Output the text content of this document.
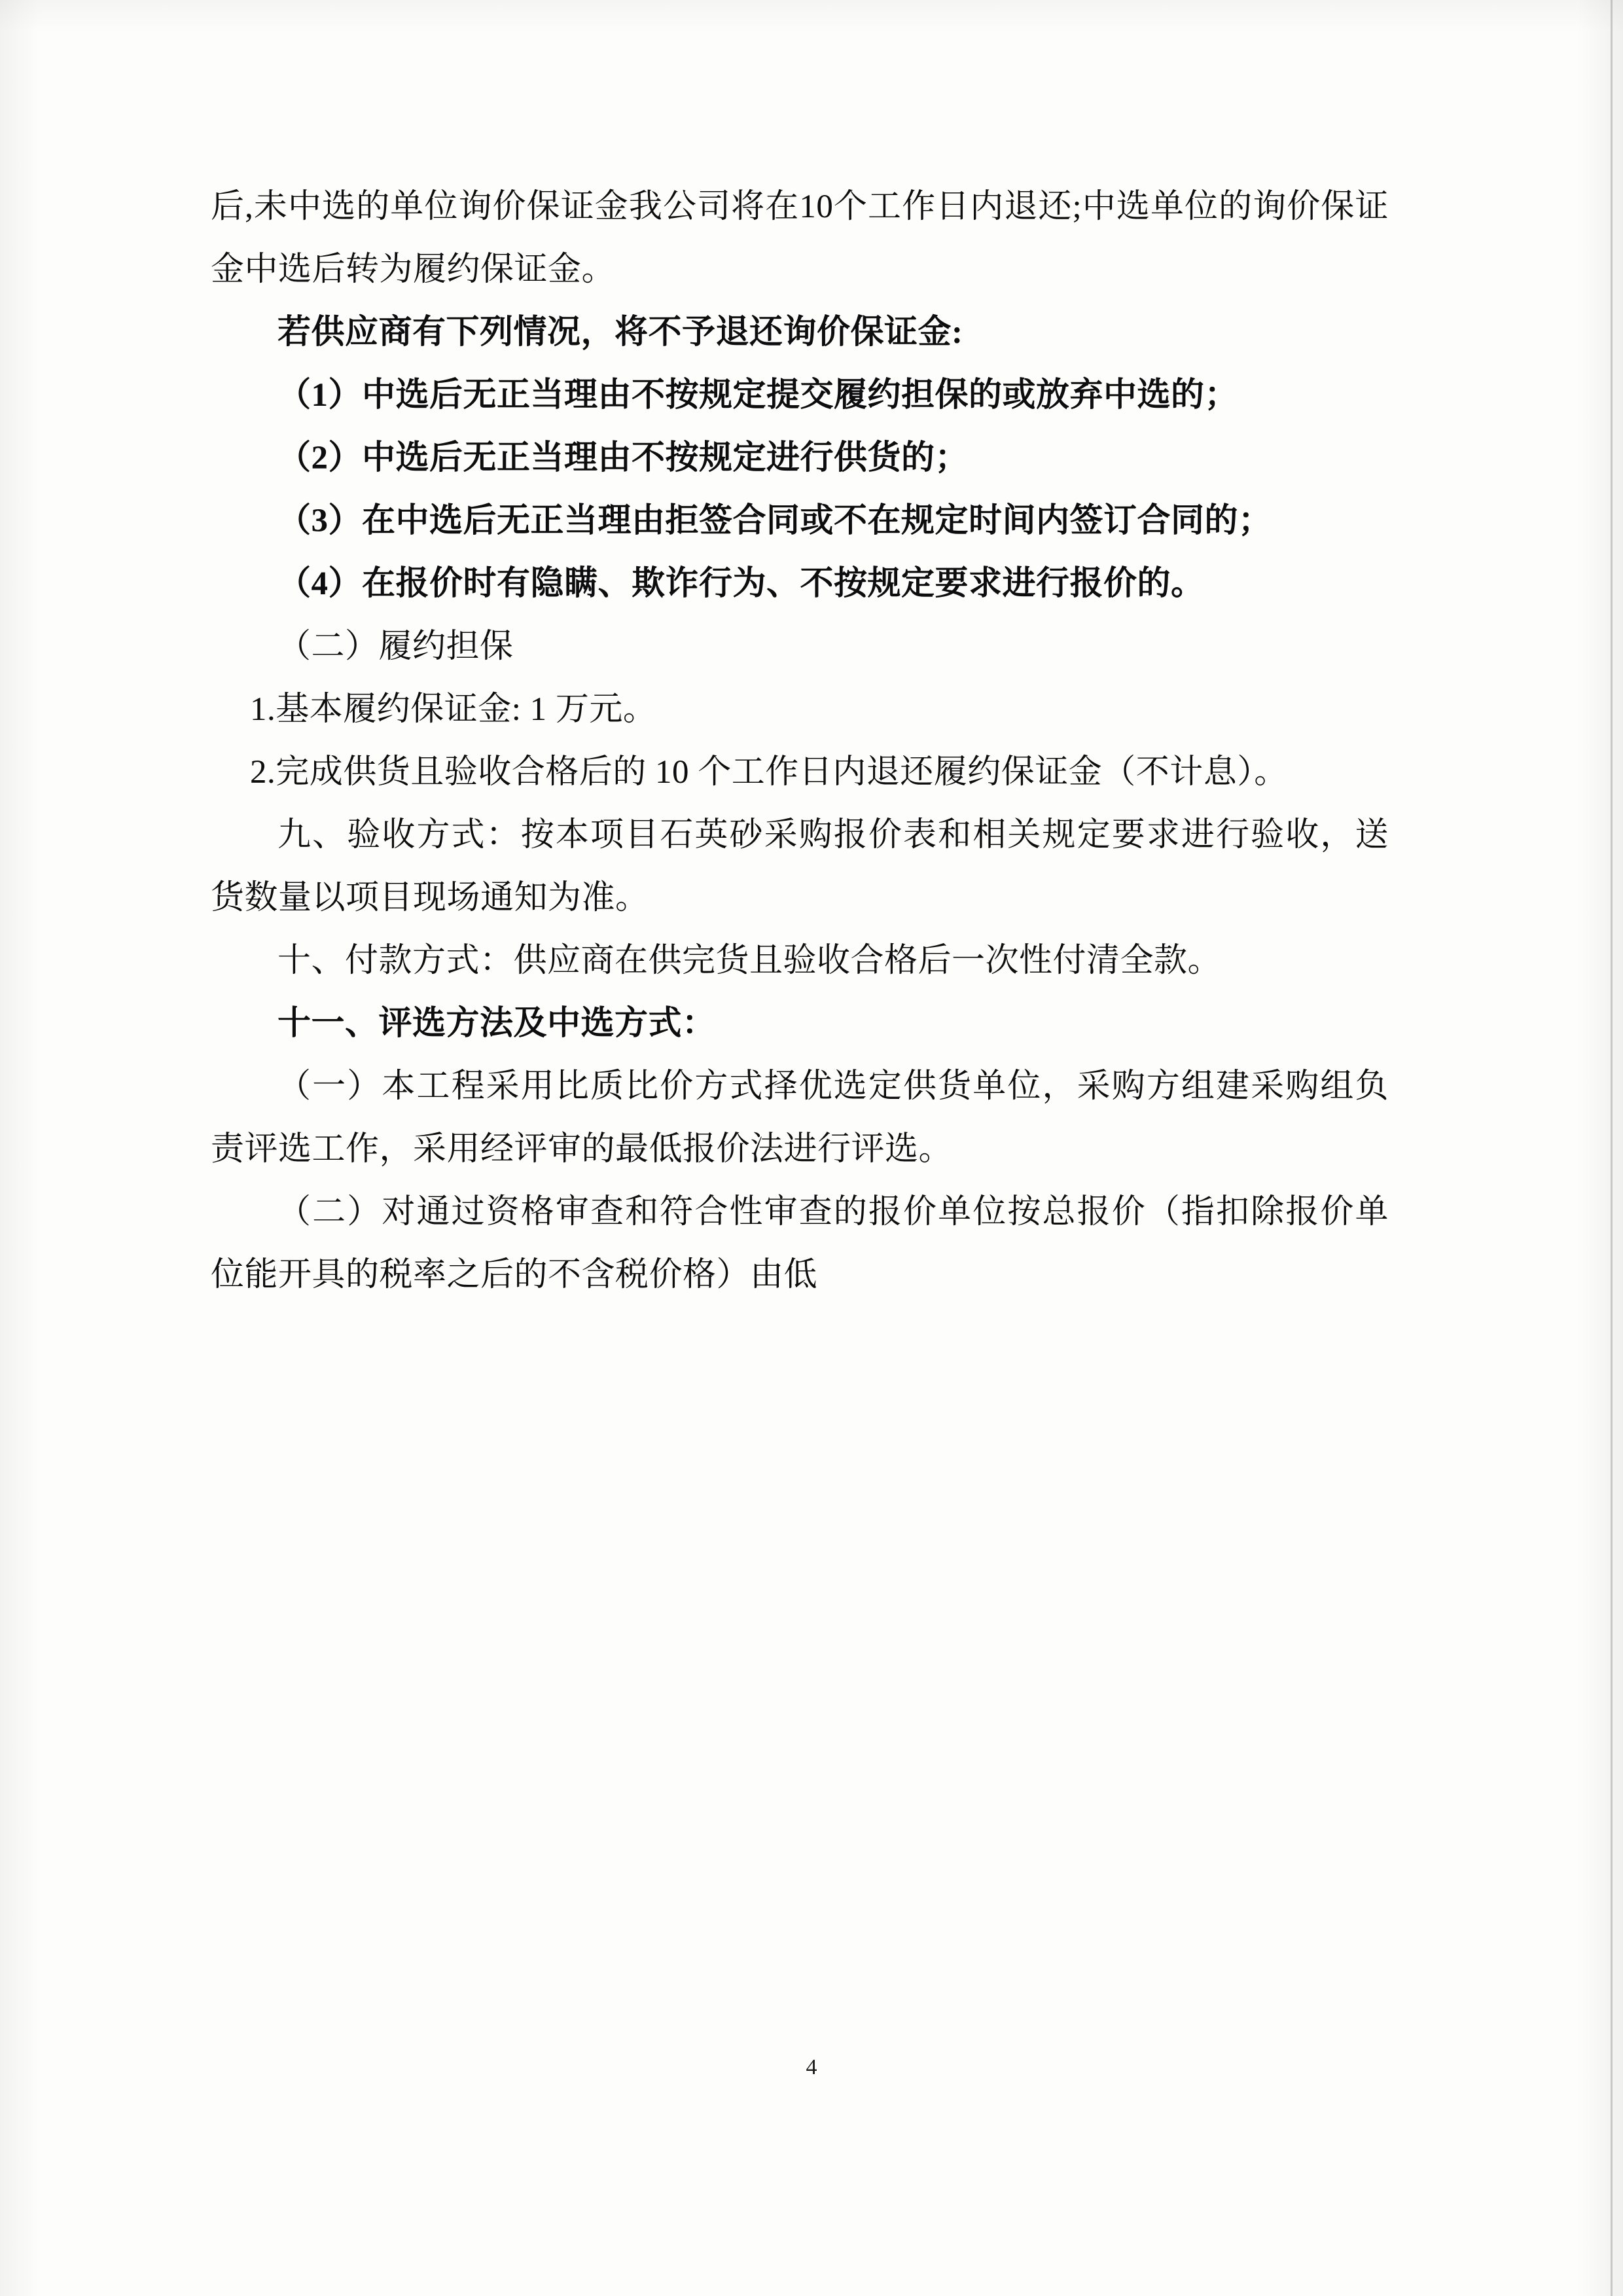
后,未中选的单位询价保证金我公司将在10个工作日内退还;中选单位的询价保证金中选后转为履约保证金。

若供应商有下列情况，将不予退还询价保证金:

（1）中选后无正当理由不按规定提交履约担保的或放弃中选的；

（2）中选后无正当理由不按规定进行供货的；

（3）在中选后无正当理由拒签合同或不在规定时间内签订合同的；

（4）在报价时有隐瞒、欺诈行为、不按规定要求进行报价的。

（二）履约担保

1.基本履约保证金: 1 万元。

2.完成供货且验收合格后的 10 个工作日内退还履约保证金（不计息）。

九、验收方式：按本项目石英砂采购报价表和相关规定要求进行验收，送货数量以项目现场通知为准。

十、付款方式：供应商在供完货且验收合格后一次性付清全款。

十一、评选方法及中选方式：

（一）本工程采用比质比价方式择优选定供货单位，采购方组建采购组负责评选工作，采用经评审的最低报价法进行评选。

（二）对通过资格审查和符合性审查的报价单位按总报价（指扣除报价单位能开具的税率之后的不含税价格）由低

4
